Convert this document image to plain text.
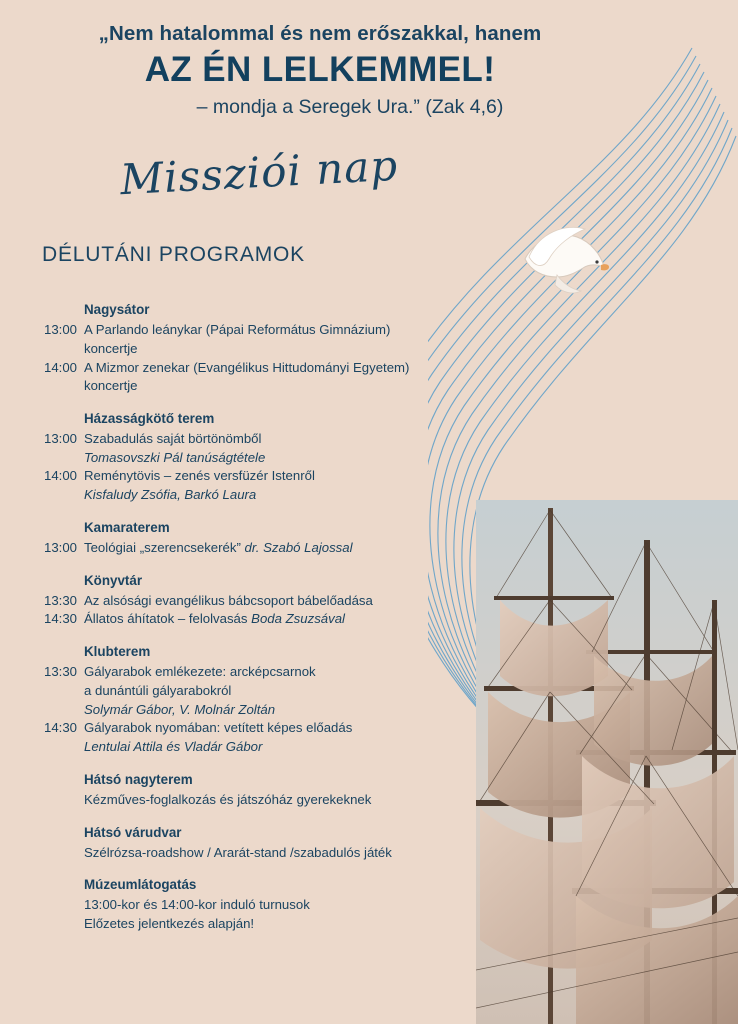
„Nem hatalommal és nem erőszakkal, hanem

AZ ÉN LELKEMMEL!

– mondja a Seregek Ura.” (Zak 4,6)

Missziói nap
DÉLUTÁNI PROGRAMOK
Nagysátor
13:00 A Parlando leánykar (Pápai Református Gimnázium)
koncertje
14:00 A Mizmor zenekar (Evangélikus Hittudományi Egyetem)
koncertje
Házasságkötő terem
13:00 Szabadulás saját börtönömből
Tomasovszki Pál tanúságtétele
14:00 Reménytövis – zenés versfüzér Istenről
Kisfaludy Zsófia, Barkó Laura
Kamaraterem
13:00 Teológiai „szerencsekerék” dr. Szabó Lajossal
Könyvtár
13:30 Az alsósági evangélikus bábcsoport bábelőadása
14:30 Állatos áhítatok – felolvasás Boda Zsuzsával
Klubterem
13:30 Gályarabok emlékezete: arcképcsarnok
a dunántúli gályarabokról
Solymár Gábor, V. Molnár Zoltán
14:30 Gályarabok nyomában: vetített képes előadás
Lentulai Attila és Vladár Gábor
Hátsó nagyterem
Kézműves-foglalkozás és játszóház gyerekeknek
Hátsó várudvar
Szélrózsa-roadshow / Ararát-stand /szabadulós játék
Múzeumlátogatás
13:00-kor és 14:00-kor induló turnusok
Előzetes jelentkezés alapján!
